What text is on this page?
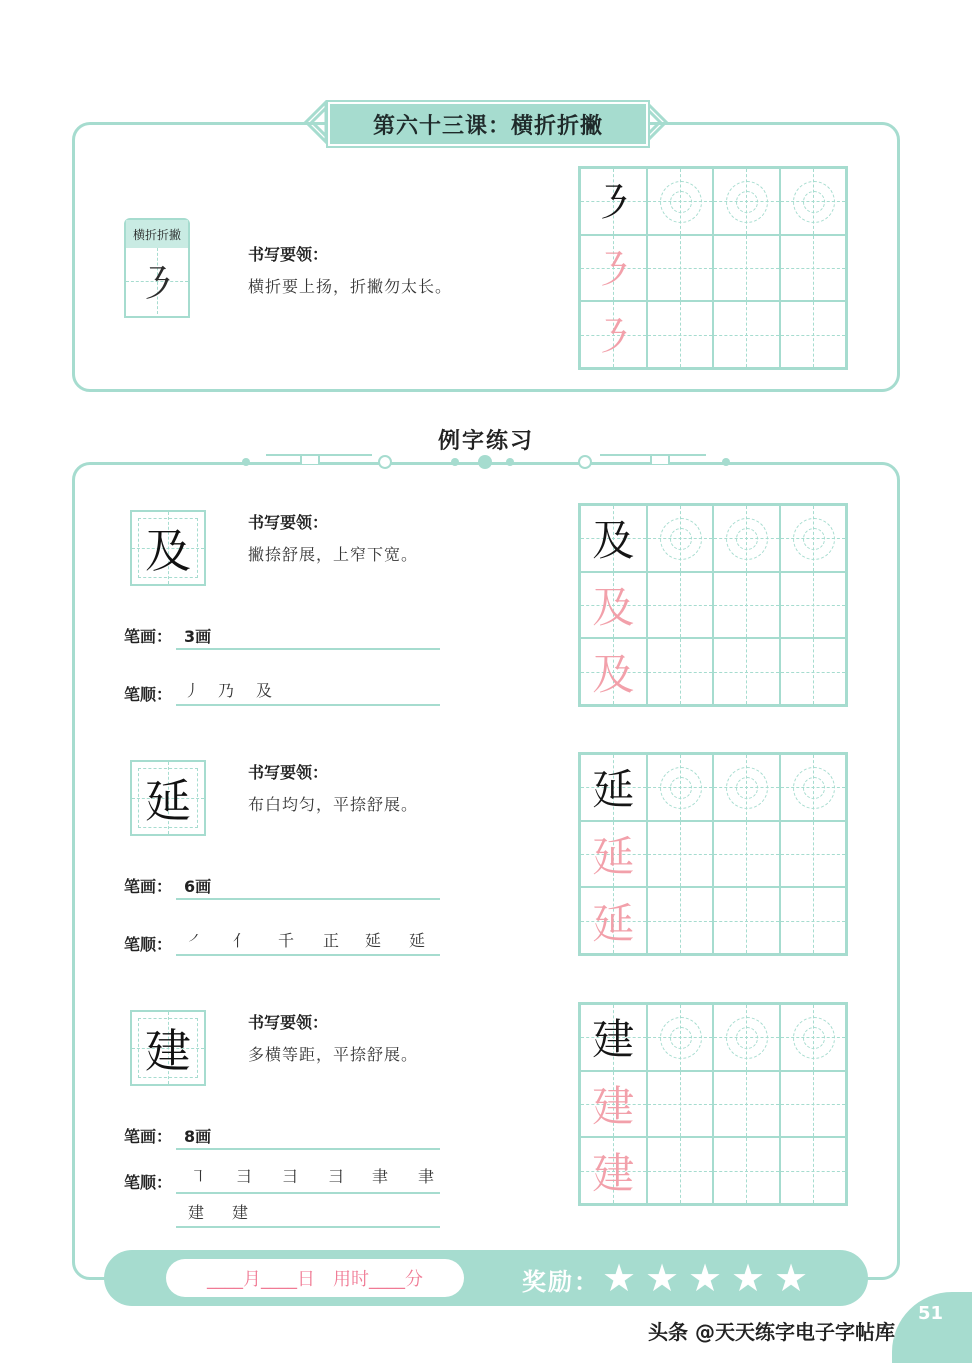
第六十三课：横折折撇
横折折撇
㇋
书写要领：
横折要上扬，折撇勿太长。
㇋
㇋
㇋
例字练习
及
书写要领：
撇捺舒展，上窄下宽。
笔画： 3画
笔顺： 丿	乃	及
及
及
及
延
书写要领：
布白均匀，平捺舒展。
笔画： 6画
笔顺： ㇒	亻	千	正	延	延
延
延
延
建
书写要领：
多横等距，平捺舒展。
笔画： 8画
笔顺： ㇕	⺕	⺕	⺕	聿	聿
建	建
建
建
建
____月____日　用时____分	奖励： ★ ★ ★ ★ ★
51
头条 @天天练字电子字帖库
